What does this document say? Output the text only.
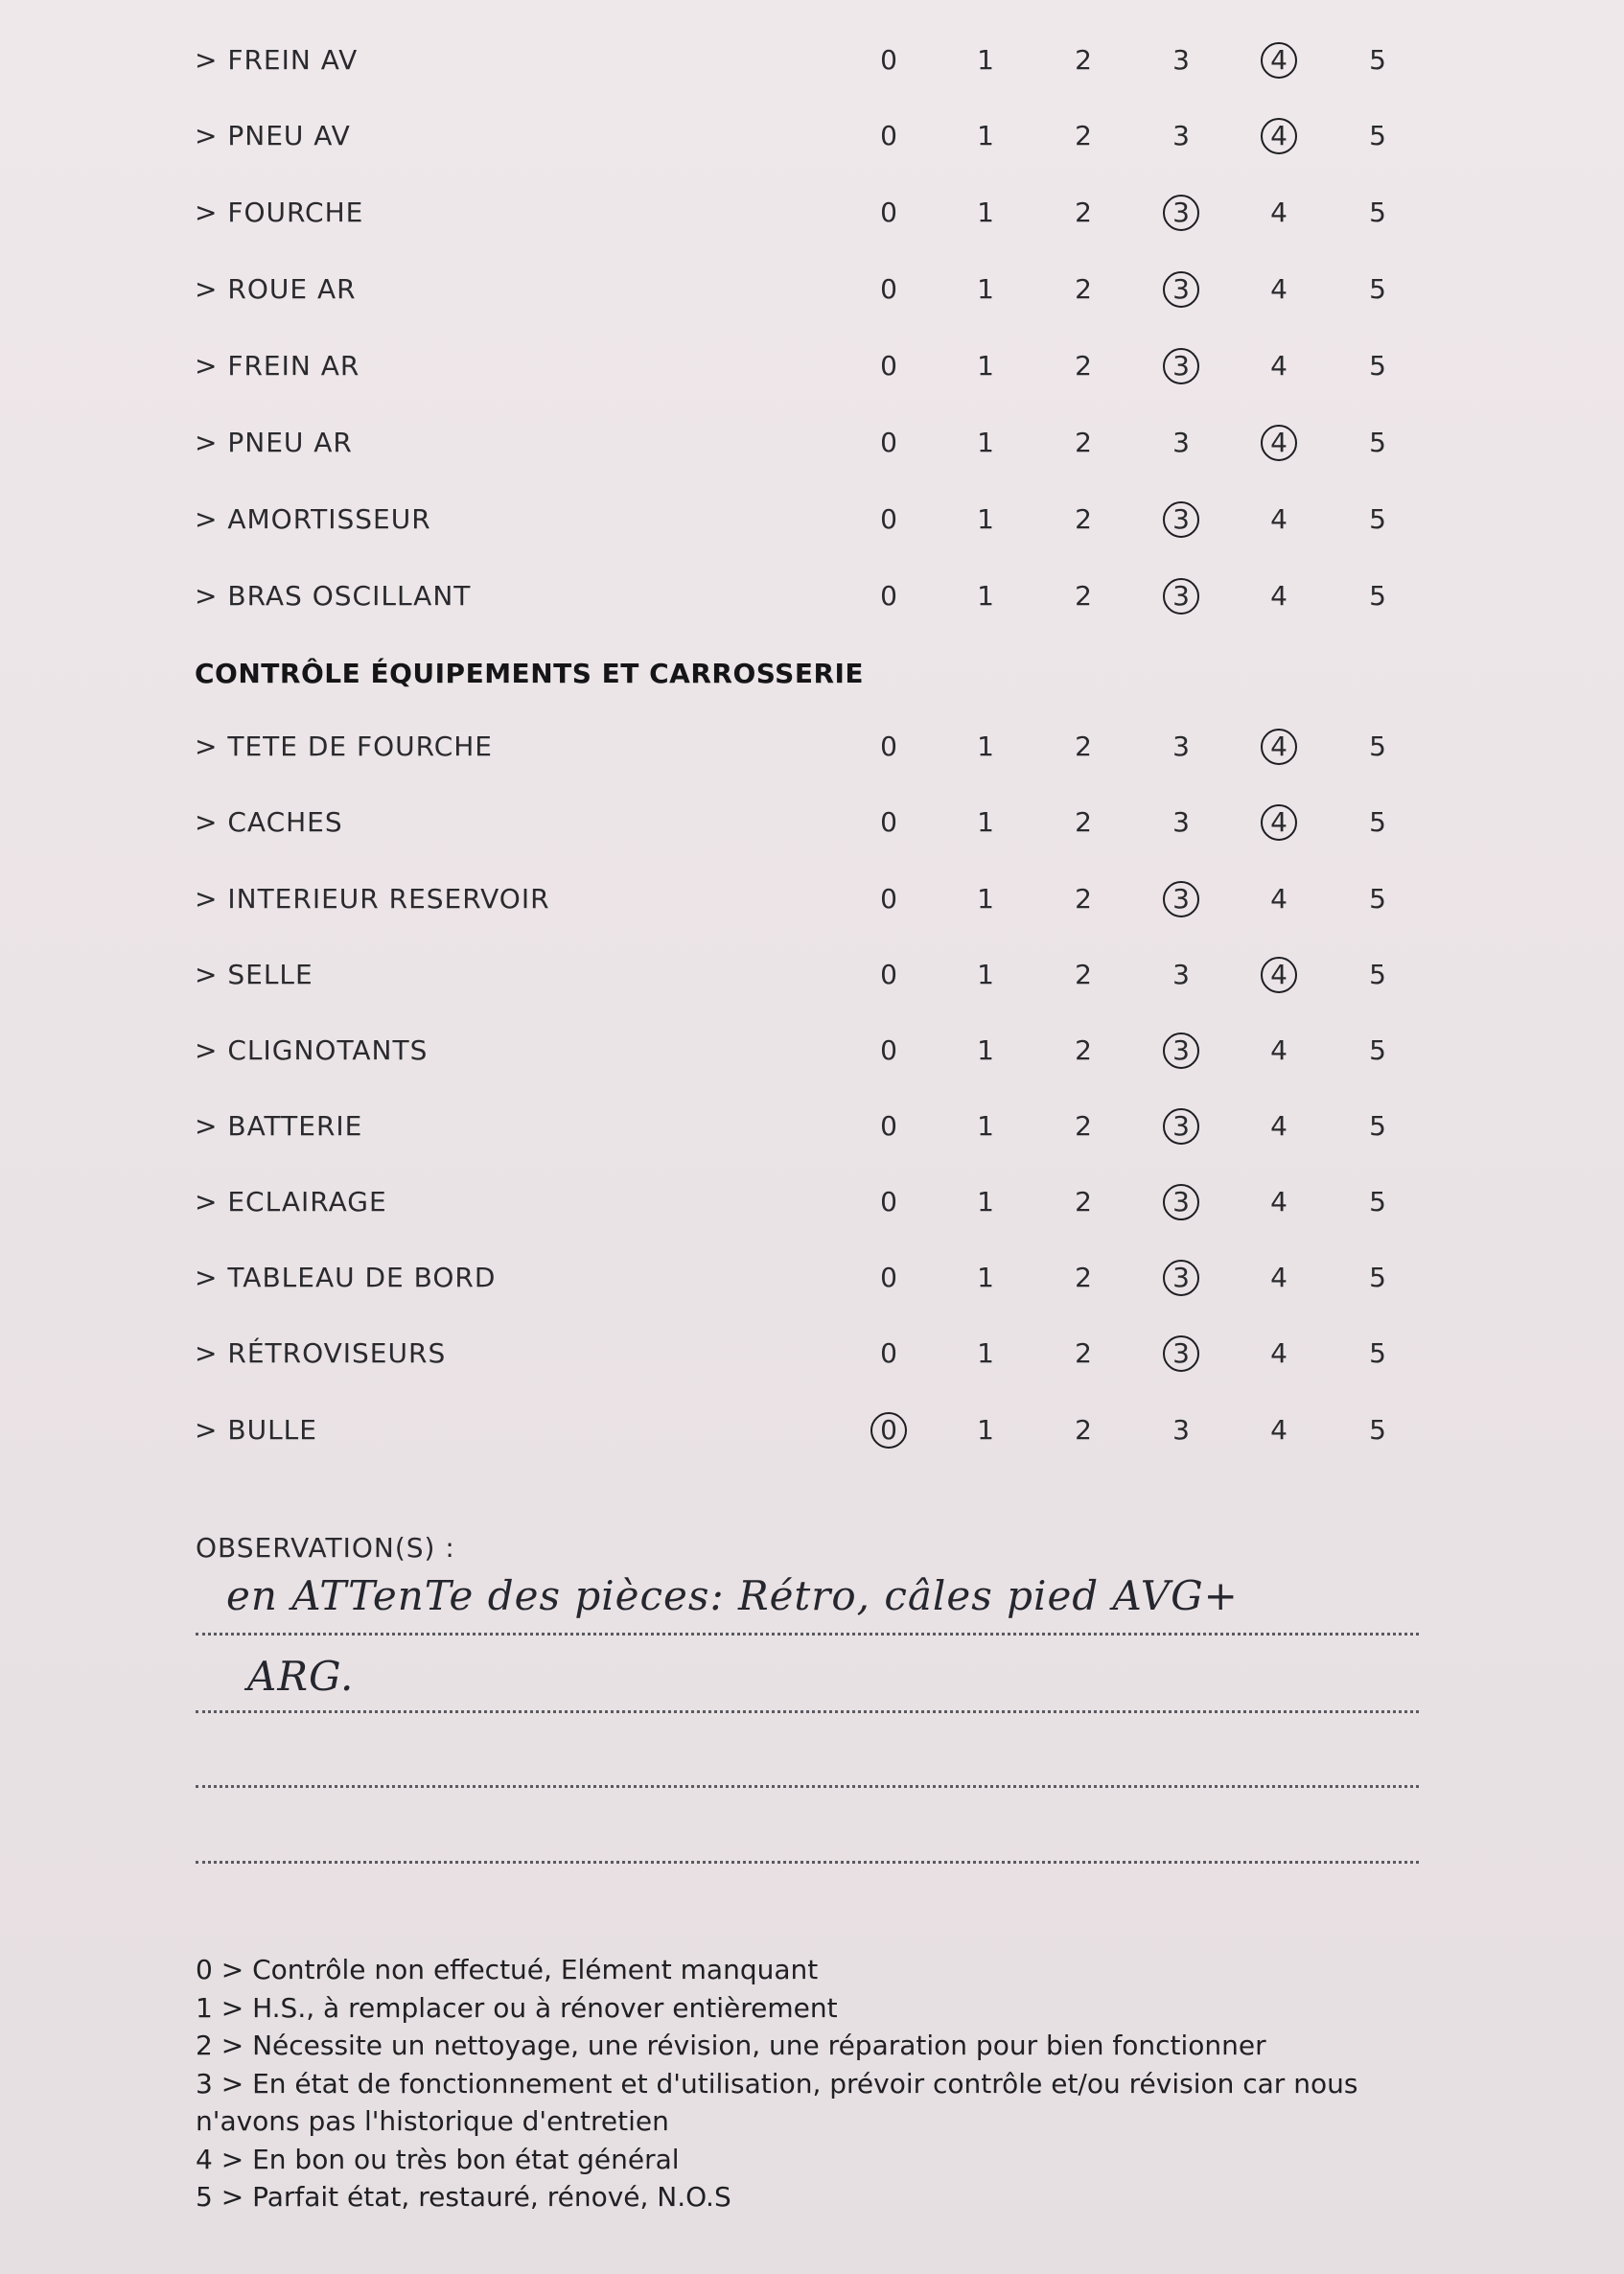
> FREIN AV	0	1	2	3	4	5
> PNEU AV	0	1	2	3	4	5
> FOURCHE	0	1	2	3	4	5
> ROUE AR	0	1	2	3	4	5
> FREIN AR	0	1	2	3	4	5
> PNEU AR	0	1	2	3	4	5
> AMORTISSEUR	0	1	2	3	4	5
> BRAS OSCILLANT	0	1	2	3	4	5
CONTRÔLE ÉQUIPEMENTS ET CARROSSERIE
> TETE DE FOURCHE	0	1	2	3	4	5
> CACHES	0	1	2	3	4	5
> INTERIEUR RESERVOIR	0	1	2	3	4	5
> SELLE	0	1	2	3	4	5
> CLIGNOTANTS	0	1	2	3	4	5
> BATTERIE	0	1	2	3	4	5
> ECLAIRAGE	0	1	2	3	4	5
> TABLEAU DE BORD	0	1	2	3	4	5
> RÉTROVISEURS	0	1	2	3	4	5
> BULLE	0	1	2	3	4	5
OBSERVATION(S) :
en ATTenTe des pièces: Rétro, câles pied AVG+
ARG.
0 > Contrôle non effectué, Elément manquant
1 > H.S., à remplacer ou à rénover entièrement
2 > Nécessite un nettoyage, une révision, une réparation pour bien fonctionner
3 > En état de fonctionnement et d'utilisation, prévoir contrôle et/ou révision car nous n'avons pas l'historique d'entretien
4 > En bon ou très bon état général
5 > Parfait état, restauré, rénové, N.O.S
